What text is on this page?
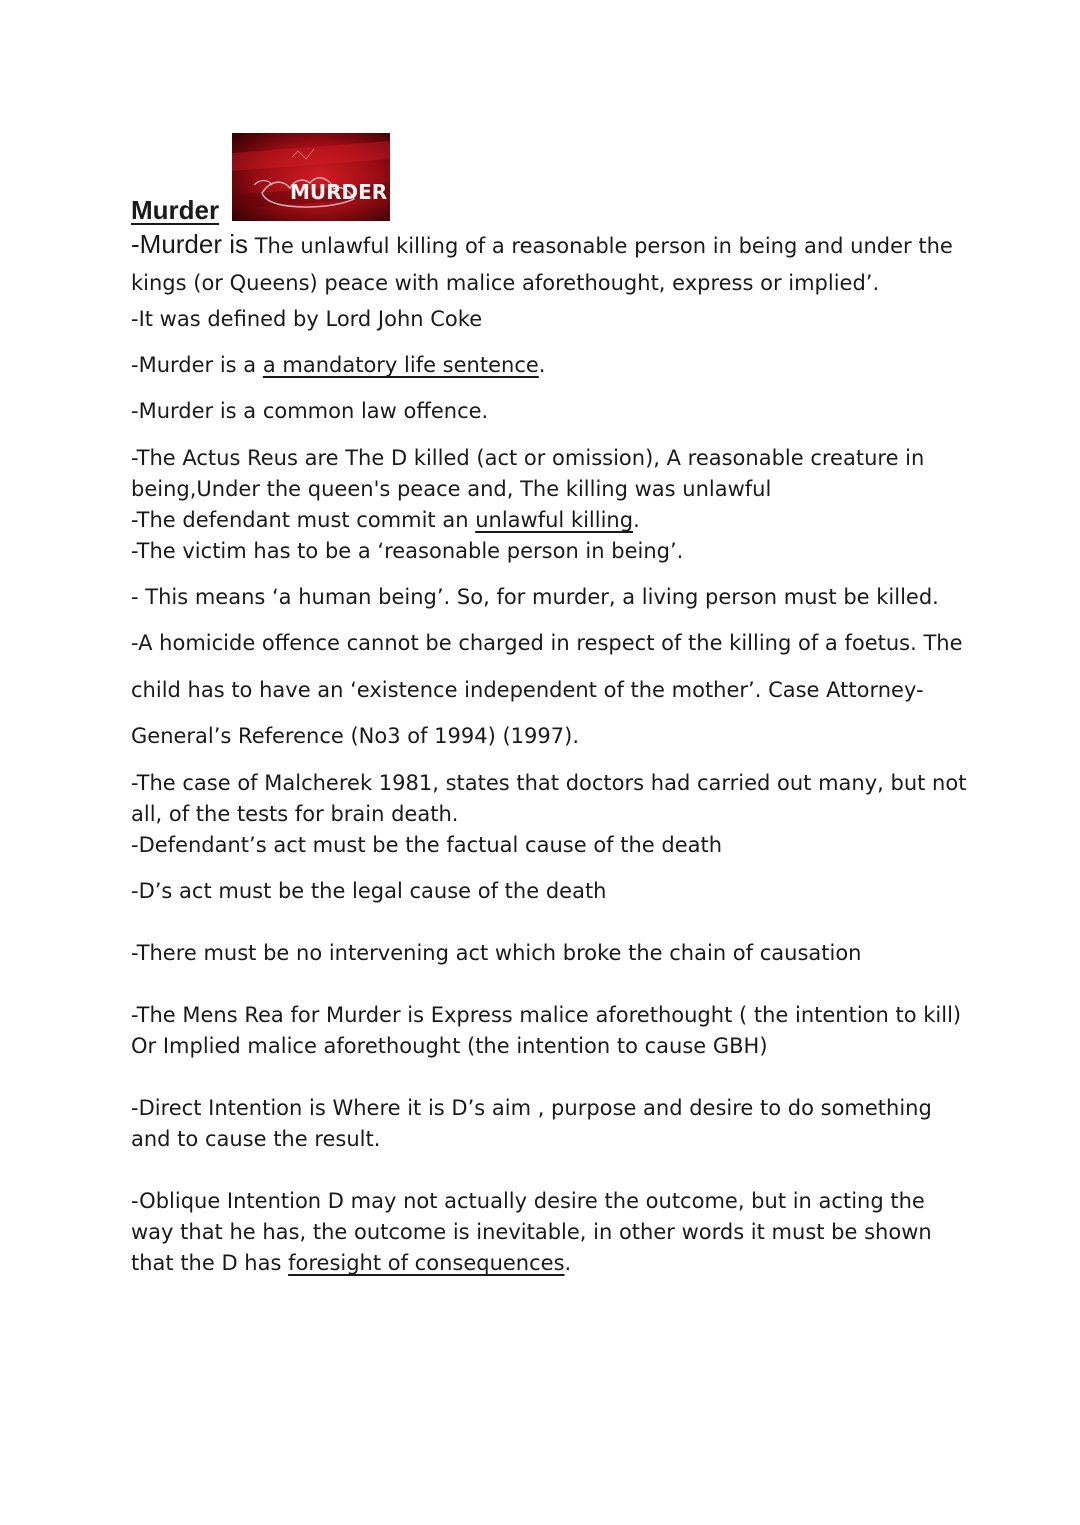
MURDER
Murder
-Murder is The unlawful killing of a reasonable person in being and under the
kings (or Queens) peace with malice aforethought, express or implied’.
-It was defined by Lord John Coke
-Murder is a a mandatory life sentence.
-Murder is a common law offence.
-The Actus Reus are The D killed (act or omission), A reasonable creature in
being,Under the queen's peace and, The killing was unlawful
-The defendant must commit an unlawful killing.
-The victim has to be a ‘reasonable person in being’.
- This means ‘a human being’. So, for murder, a living person must be killed.
-A homicide offence cannot be charged in respect of the killing of a foetus. The
child has to have an ‘existence independent of the mother’. Case Attorney-
General’s Reference (No3 of 1994) (1997).
-The case of Malcherek 1981, states that doctors had carried out many, but not
all, of the tests for brain death.
-Defendant’s act must be the factual cause of the death
-D’s act must be the legal cause of the death
-There must be no intervening act which broke the chain of causation
-The Mens Rea for Murder is Express malice aforethought ( the intention to kill)
Or Implied malice aforethought (the intention to cause GBH)
-Direct Intention is Where it is D’s aim , purpose and desire to do something
and to cause the result.
-Oblique Intention D may not actually desire the outcome, but in acting the
way that he has, the outcome is inevitable, in other words it must be shown
that the D has foresight of consequences.
